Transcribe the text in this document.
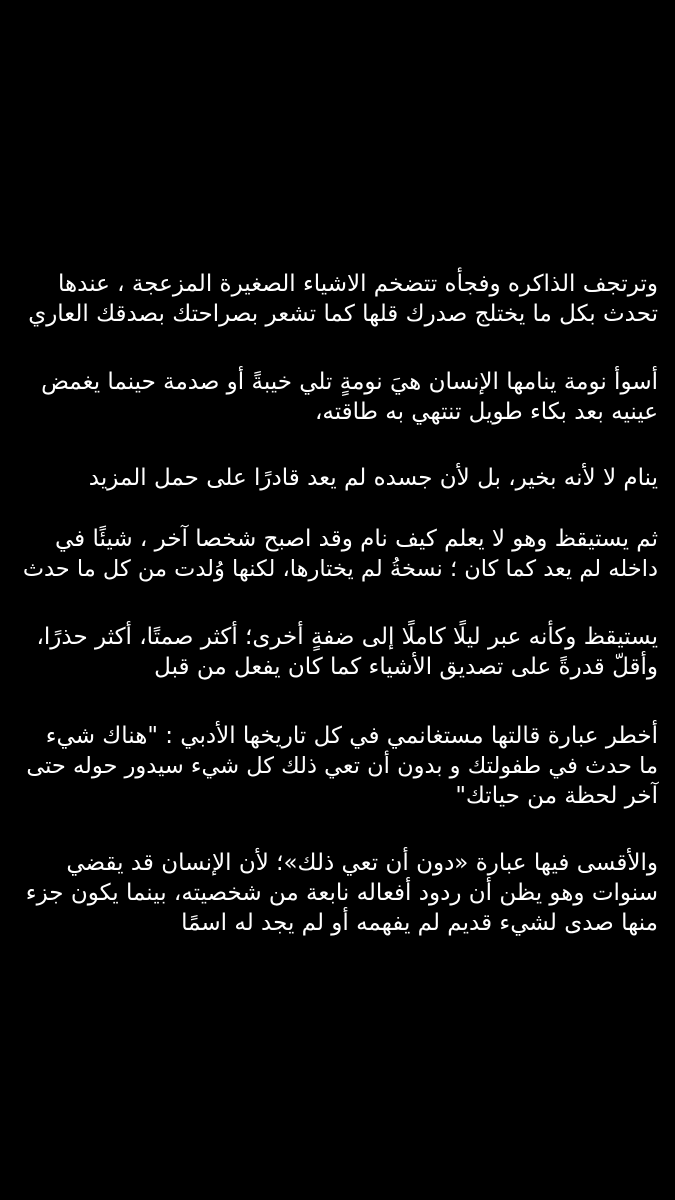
وترتجف الذاكره وفجأه تتضخم الاشياء الصغيرة المزعجة ، عندها
تحدث بكل ما يختلج صدرك قلها كما تشعر بصراحتك بصدقك العاري
أسوأ نومة ينامها الإنسان هيَ نومةٍ تلي خيبةً أو صدمة حينما يغمض
عينيه بعد بكاء طويل تنتهي به طاقته،
ينام لا لأنه بخير، بل لأن جسده لم يعد قادرًا على حمل المزيد
ثم يستيقظ وهو لا يعلم كيف نام وقد اصبح شخصا آخر ، شيئًا في
داخله لم يعد كما كان ؛ نسخةُ لم يختارها، لكنها وُلدت من كل ما حدث
يستيقظ وكأنه عبر ليلًا كاملًا إلى ضفةٍ أخرى؛ أكثر صمتًا، أكثر حذرًا،
وأقلّ قدرةً على تصديق الأشياء كما كان يفعل من قبل
أخطر عبارة قالتها مستغانمي في كل تاريخها الأدبي : "هناك شيء
ما حدث في طفولتك و بدون أن تعي ذلك كل شيء سيدور حوله حتى
آخر لحظة من حياتك"
والأقسى فيها عبارة «دون أن تعي ذلك»؛ لأن الإنسان قد يقضي
سنوات وهو يظن أن ردود أفعاله نابعة من شخصيته، بينما يكون جزء
منها صدى لشيء قديم لم يفهمه أو لم يجد له اسمًا
